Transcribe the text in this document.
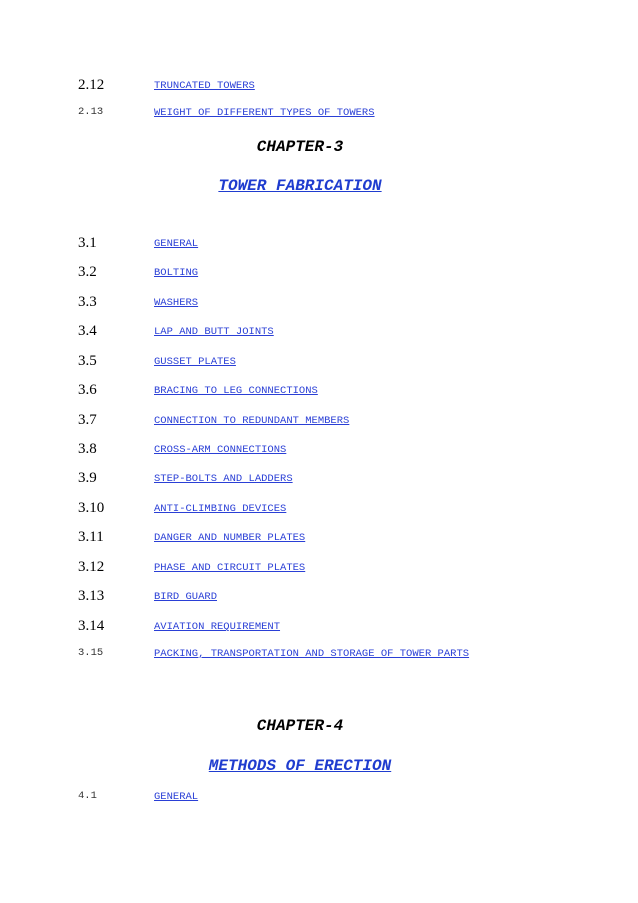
2.12	TRUNCATED TOWERS
2.13	WEIGHT OF DIFFERENT TYPES OF TOWERS
CHAPTER-3
TOWER FABRICATION
3.1	GENERAL
3.2	BOLTING
3.3	WASHERS
3.4	LAP AND BUTT JOINTS
3.5	GUSSET PLATES
3.6	BRACING TO LEG CONNECTIONS
3.7	CONNECTION TO REDUNDANT MEMBERS
3.8	CROSS-ARM CONNECTIONS
3.9	STEP-BOLTS AND LADDERS
3.10	ANTI-CLIMBING DEVICES
3.11	DANGER AND NUMBER PLATES
3.12	PHASE AND CIRCUIT PLATES
3.13	BIRD GUARD
3.14	AVIATION REQUIREMENT
3.15	PACKING, TRANSPORTATION AND STORAGE OF TOWER PARTS
CHAPTER-4
METHODS OF ERECTION
4.1	GENERAL
